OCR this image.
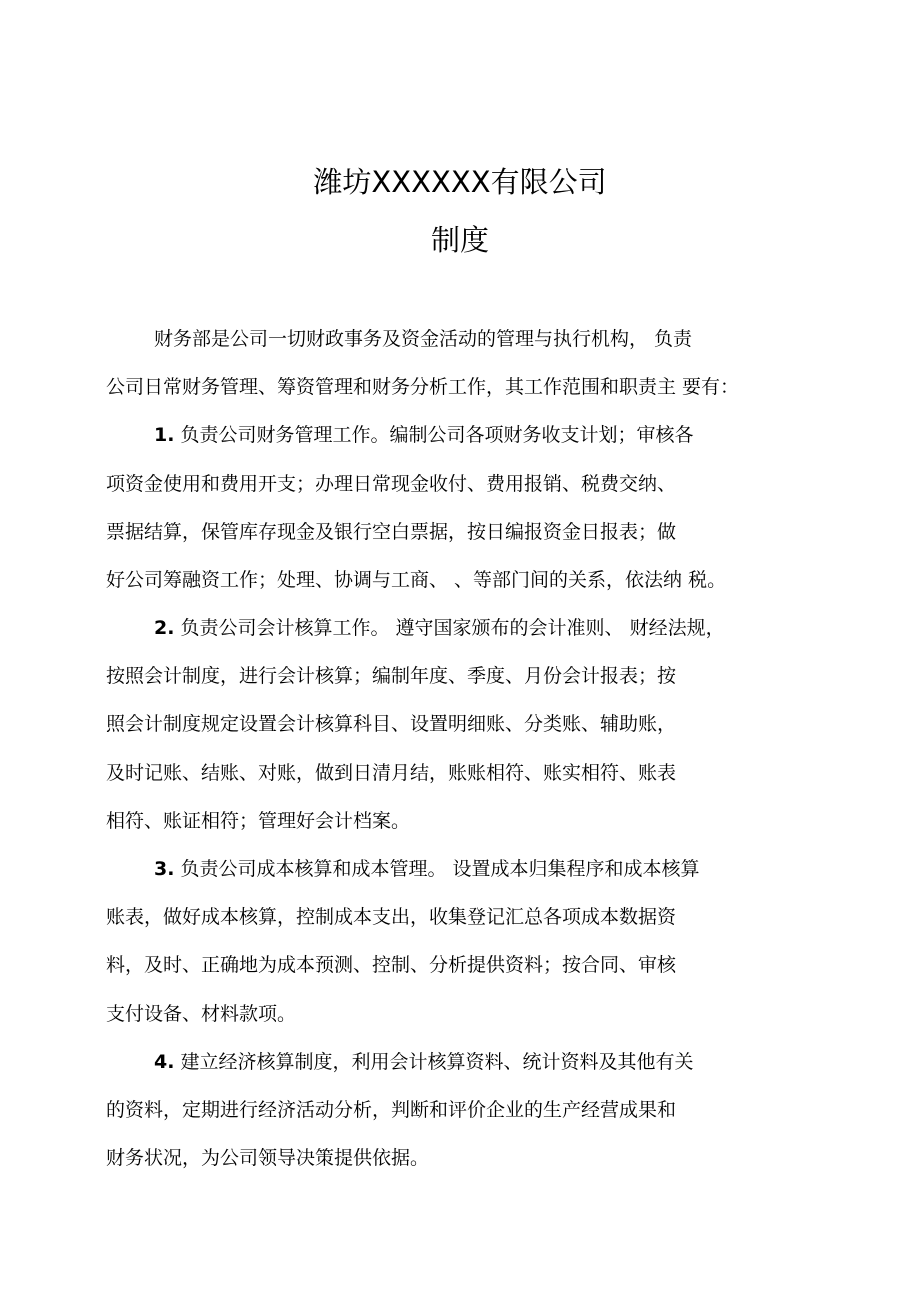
潍坊XXXXXX有限公司
制度

财务部是公司一切财政事务及资金活动的管理与执行机构， 负责

公司日常财务管理、筹资管理和财务分析工作，其工作范围和职责主 要有：

1. 负责公司财务管理工作。编制公司各项财务收支计划；审核各

项资金使用和费用开支；办理日常现金收付、费用报销、税费交纳、

票据结算，保管库存现金及银行空白票据，按日编报资金日报表；做

好公司筹融资工作；处理、协调与工商、 、等部门间的关系，依法纳 税。

2. 负责公司会计核算工作。 遵守国家颁布的会计准则、 财经法规，

按照会计制度，进行会计核算；编制年度、季度、月份会计报表；按

照会计制度规定设置会计核算科目、设置明细账、分类账、辅助账，

及时记账、结账、对账，做到日清月结，账账相符、账实相符、账表

相符、账证相符；管理好会计档案。

3. 负责公司成本核算和成本管理。 设置成本归集程序和成本核算

账表，做好成本核算，控制成本支出，收集登记汇总各项成本数据资

料，及时、正确地为成本预测、控制、分析提供资料；按合同、审核

支付设备、材料款项。

4. 建立经济核算制度，利用会计核算资料、统计资料及其他有关

的资料，定期进行经济活动分析，判断和评价企业的生产经营成果和

财务状况，为公司领导决策提供依据。
